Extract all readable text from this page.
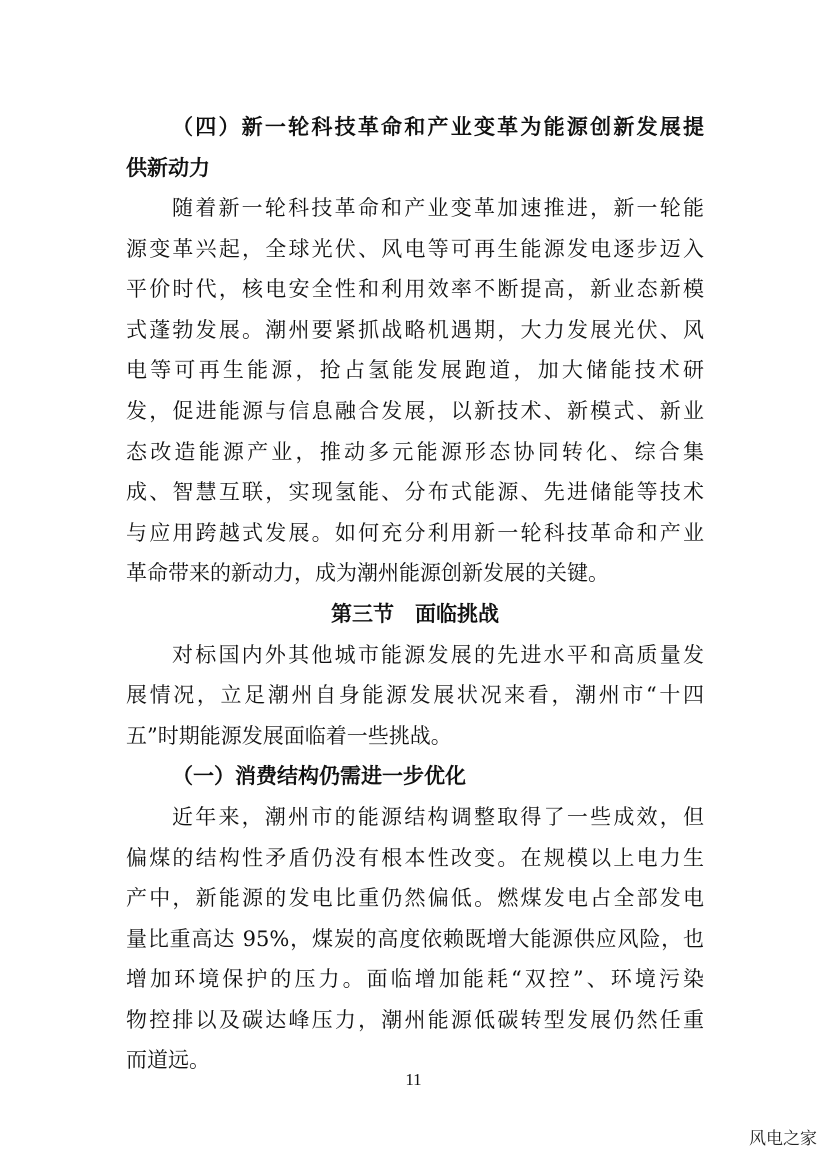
（四）新一轮科技革命和产业变革为能源创新发展提
供新动力
随着新一轮科技革命和产业变革加速推进，新一轮能
源变革兴起，全球光伏、风电等可再生能源发电逐步迈入
平价时代，核电安全性和利用效率不断提高，新业态新模
式蓬勃发展。潮州要紧抓战略机遇期，大力发展光伏、风
电等可再生能源，抢占氢能发展跑道，加大储能技术研
发，促进能源与信息融合发展，以新技术、新模式、新业
态改造能源产业，推动多元能源形态协同转化、综合集
成、智慧互联，实现氢能、分布式能源、先进储能等技术
与应用跨越式发展。如何充分利用新一轮科技革命和产业
革命带来的新动力，成为潮州能源创新发展的关键。
第三节　面临挑战
对标国内外其他城市能源发展的先进水平和高质量发
展情况，立足潮州自身能源发展状况来看，潮州市“十四
五”时期能源发展面临着一些挑战。
（一）消费结构仍需进一步优化
近年来，潮州市的能源结构调整取得了一些成效，但
偏煤的结构性矛盾仍没有根本性改变。在规模以上电力生
产中，新能源的发电比重仍然偏低。燃煤发电占全部发电
量比重高达 95%，煤炭的高度依赖既增大能源供应风险，也
增加环境保护的压力。面临增加能耗“双控”、环境污染
物控排以及碳达峰压力，潮州能源低碳转型发展仍然任重
而道远。
11
风电之家
